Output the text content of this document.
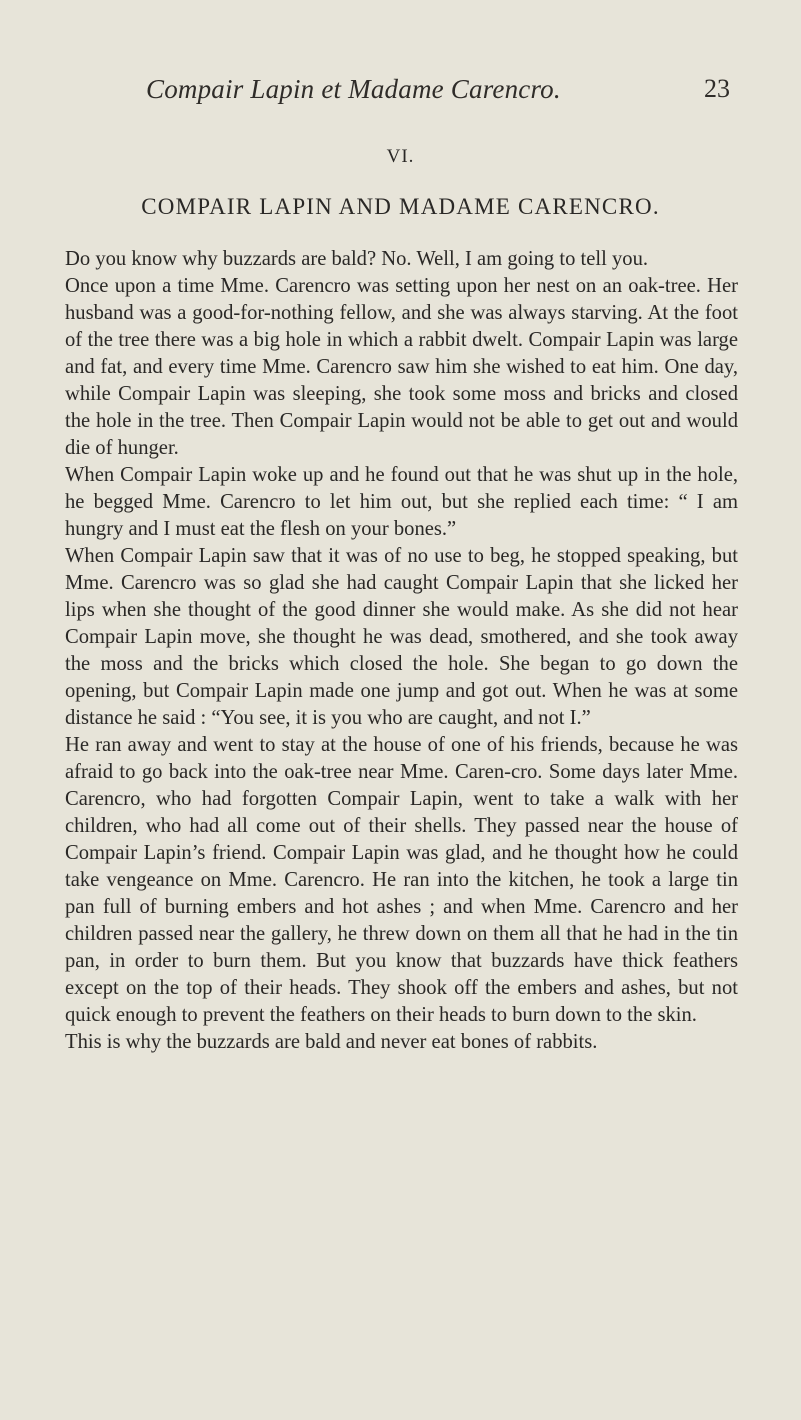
Compair Lapin et Madame Carencro.	23
VI.
COMPAIR LAPIN AND MADAME CARENCRO.

Do you know why buzzards are bald? No. Well, I am going to tell you.

Once upon a time Mme. Carencro was setting upon her nest on an oak-tree. Her husband was a good-for-nothing fellow, and she was always starving. At the foot of the tree there was a big hole in which a rabbit dwelt. Compair Lapin was large and fat, and every time Mme. Carencro saw him she wished to eat him. One day, while Compair Lapin was sleeping, she took some moss and bricks and closed the hole in the tree. Then Compair Lapin would not be able to get out and would die of hunger.

When Compair Lapin woke up and he found out that he was shut up in the hole, he begged Mme. Carencro to let him out, but she replied each time: “ I am hungry and I must eat the flesh on your bones.”

When Compair Lapin saw that it was of no use to beg, he stopped speaking, but Mme. Carencro was so glad she had caught Compair Lapin that she licked her lips when she thought of the good dinner she would make. As she did not hear Compair Lapin move, she thought he was dead, smothered, and she took away the moss and the bricks which closed the hole. She began to go down the opening, but Compair Lapin made one jump and got out. When he was at some distance he said : “You see, it is you who are caught, and not I.”

He ran away and went to stay at the house of one of his friends, because he was afraid to go back into the oak-tree near Mme. Caren-cro. Some days later Mme. Carencro, who had forgotten Compair Lapin, went to take a walk with her children, who had all come out of their shells. They passed near the house of Compair Lapin’s friend. Compair Lapin was glad, and he thought how he could take vengeance on Mme. Carencro. He ran into the kitchen, he took a large tin pan full of burning embers and hot ashes ; and when Mme. Carencro and her children passed near the gallery, he threw down on them all that he had in the tin pan, in order to burn them. But you know that buzzards have thick feathers except on the top of their heads. They shook off the embers and ashes, but not quick enough to prevent the feathers on their heads to burn down to the skin.

This is why the buzzards are bald and never eat bones of rabbits.
